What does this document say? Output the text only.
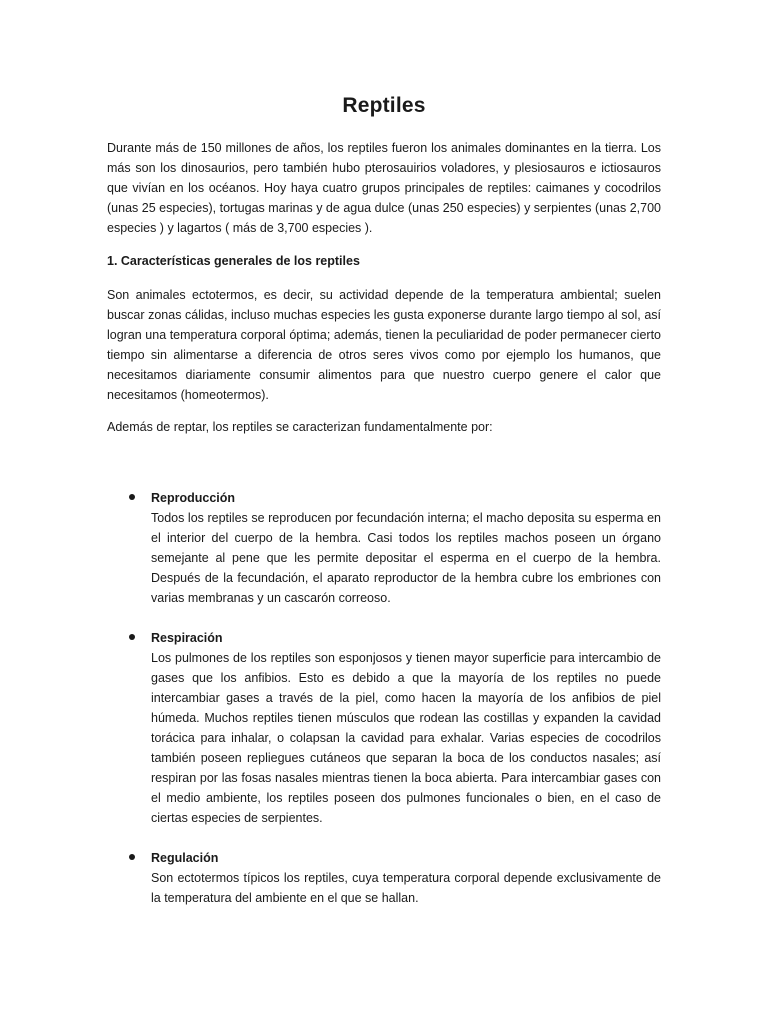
Reptiles

Durante más de 150 millones de años, los reptiles fueron los animales dominantes en la tierra. Los más son los dinosaurios, pero también hubo pterosauirios voladores, y plesiosauros e ictiosauros que vivían en los océanos. Hoy haya cuatro grupos principales de reptiles: caimanes y cocodrilos (unas 25 especies), tortugas marinas y de agua dulce (unas 250 especies) y serpientes (unas 2,700 especies ) y lagartos ( más de 3,700 especies ).

1. Características generales de los reptiles

Son animales ectotermos, es decir, su actividad depende de la temperatura ambiental; suelen buscar zonas cálidas, incluso muchas especies les gusta exponerse durante largo tiempo al sol, así logran una temperatura corporal óptima; además, tienen la peculiaridad de poder permanecer cierto tiempo sin alimentarse a diferencia de otros seres vivos como por ejemplo los humanos, que necesitamos diariamente consumir alimentos para que nuestro cuerpo genere el calor que necesitamos (homeotermos).

Además de reptar, los reptiles se caracterizan fundamentalmente por:

Reproducción
Todos los reptiles se reproducen por fecundación interna; el macho deposita su esperma en el interior del cuerpo de la hembra. Casi todos los reptiles machos poseen un órgano semejante al pene que les permite depositar el esperma en el cuerpo de la hembra. Después de la fecundación, el aparato reproductor de la hembra cubre los embriones con varias membranas y un cascarón correoso.
Respiración
Los pulmones de los reptiles son esponjosos y tienen mayor superficie para intercambio de gases que los anfibios. Esto es debido a que la mayoría de los reptiles no puede intercambiar gases a través de la piel, como hacen la mayoría de los anfibios de piel húmeda. Muchos reptiles tienen músculos que rodean las costillas y expanden la cavidad torácica para inhalar, o colapsan la cavidad para exhalar. Varias especies de cocodrilos también poseen repliegues cutáneos que separan la boca de los conductos nasales; así respiran por las fosas nasales mientras tienen la boca abierta. Para intercambiar gases con el medio ambiente, los reptiles poseen dos pulmones funcionales o bien, en el caso de ciertas especies de serpientes.
Regulación
Son ectotermos típicos los reptiles, cuya temperatura corporal depende exclusivamente de la temperatura del ambiente en el que se hallan.
